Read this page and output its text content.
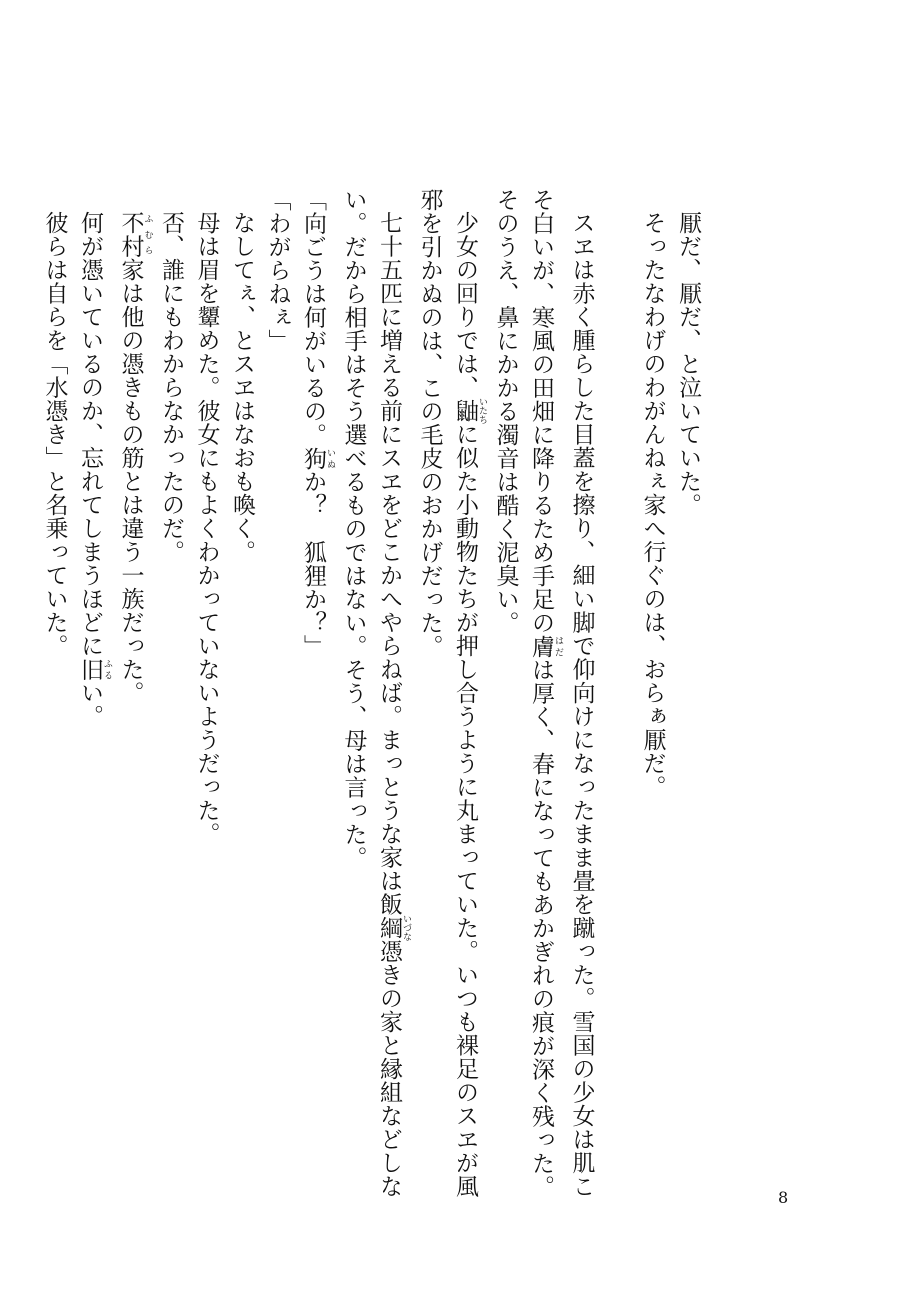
厭だ、厭だ、と泣いていた。
そったなわげのわがんねぇ家へ行ぐのは、おらぁ厭だ。
スヱは赤く腫らした目蓋を擦り、細い脚で仰向けになったまま畳を蹴った。雪国の少女は肌こ
そ白いが、寒風の田畑に降りるため手足の膚 はだは厚く、春になってもあかぎれの痕が深く残った。
そのうえ、鼻にかかる濁音は酷く泥臭い。
少女の回りでは、鼬 いたちに似た小動物たちが押し合うように丸まっていた。いつも裸足のスヱが風
邪を引かぬのは、この毛皮のおかげだった。
七十五匹に増える前にスヱをどこかへやらねば。まっとうな家は飯綱 いづな憑きの家と縁組などしな
い。だから相手はそう選べるものではない。そう、母は言った。
「向ごうは何がいるの。狗 いぬか？　狐狸か？」
「わがらねぇ」
なしてぇ、とスヱはなおも喚く。
母は眉を顰めた。彼女にもよくわかっていないようだった。
否、誰にもわからなかったのだ。
不村 ふむら家は他の憑きもの筋とは違う一族だった。
何が憑いているのか、忘れてしまうほどに旧 ふるい。
彼らは自らを「水憑き」と名乗っていた。
8
